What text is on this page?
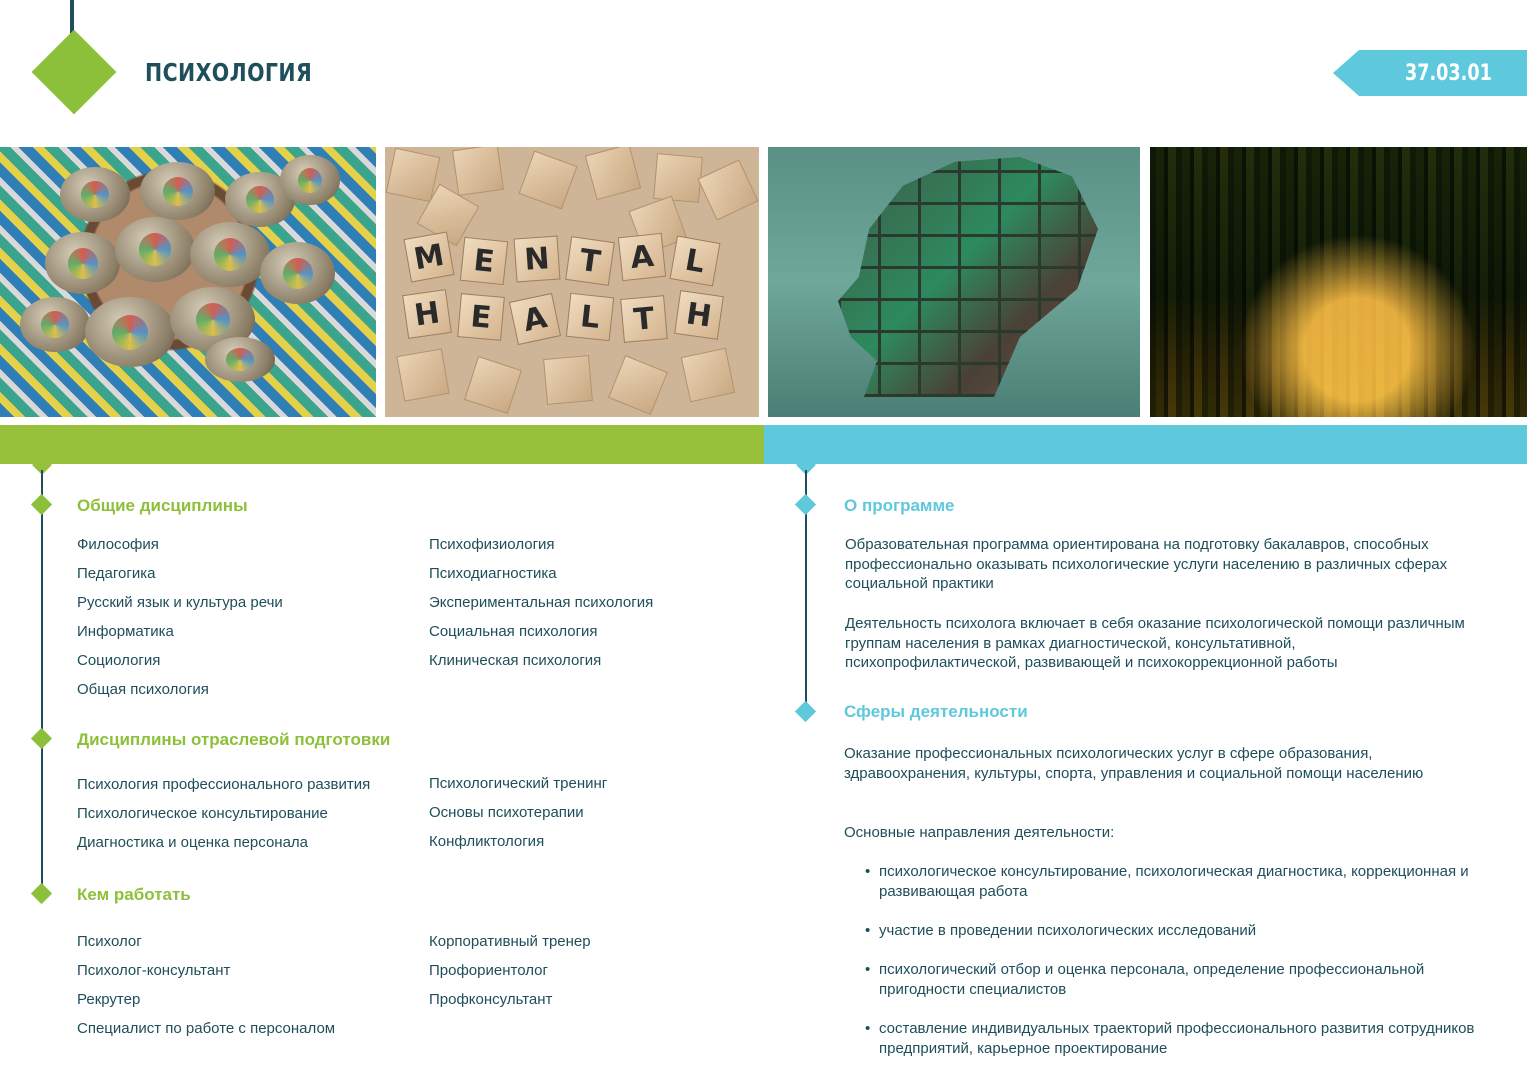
ПСИХОЛОГИЯ	37.03.01
M E N T A L
H E A L	T H
Общие дисциплины
Философия
Педагогика
Русский язык и культура речи
Информатика
Социология
Общая психология
Психофизиология
Психодиагностика
Экспериментальная психология
Социальная психология
Клиническая психология
Дисциплины отраслевой подготовки
Психология профессионального развития
Психологическое консультирование
Диагностика и оценка персонала
Психологический тренинг
Основы психотерапии
Конфликтология
Кем работать
Психолог
Психолог-консультант
Рекрутер
Специалист по работе с персоналом
Корпоративный тренер
Профориентолог
Профконсультант
О программе
Образовательная программа ориентирована на подготовку бакалавров, способных профессионально оказывать психологические услуги населению в различных сферах социальной практики
Деятельность психолога включает в себя оказание психологической помощи различным группам населения в рамках диагностической, консультативной, психопрофилактической, развивающей и психокоррекционной работы
Сферы деятельности
Оказание профессиональных психологических услуг в сфере образования, здравоохранения, культуры, спорта, управления и социальной помощи населению
Основные направления деятельности:
• психологическое консультирование, психологическая диагностика, коррекционная и развивающая работа
• участие в проведении психологических исследований
• психологический отбор и оценка персонала, определение профессиональной пригодности специалистов
• составление индивидуальных траекторий профессионального развития сотрудников предприятий, карьерное проектирование
